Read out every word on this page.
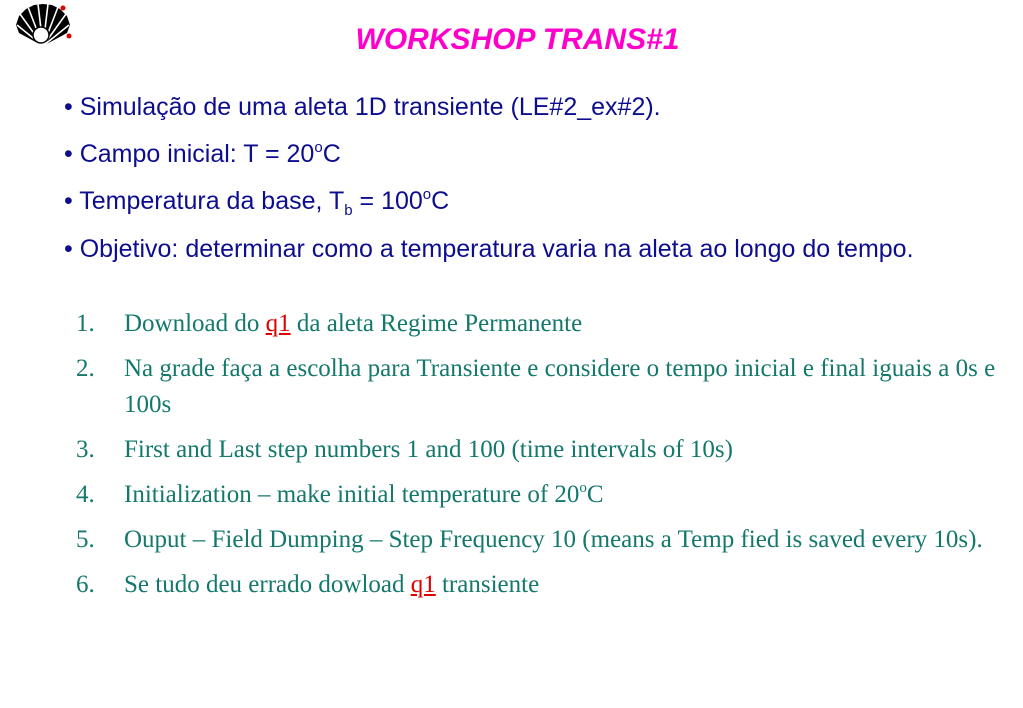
WORKSHOP TRANS#1
• Simulação de uma aleta 1D transiente (LE#2_ex#2).
• Campo inicial: $T = 20^oC$
• Temperatura da base, $T_b = 100^oC$
• Objetivo: determinar como a temperatura varia na aleta ao longo do tempo.
1. Download do q1 da aleta Regime Permanente
2. Na grade faça a escolha para Transiente e considere o tempo inicial e final iguais a 0s e 100s
3. First and Last step numbers 1 and 100 (time intervals of 10s)
4. Initialization – make initial temperature of 20$^o$C
5. Ouput – Field Dumping – Step Frequency 10 (means a Temp fied is saved every 10s).
6. Se tudo deu errado dowload q1 transiente
